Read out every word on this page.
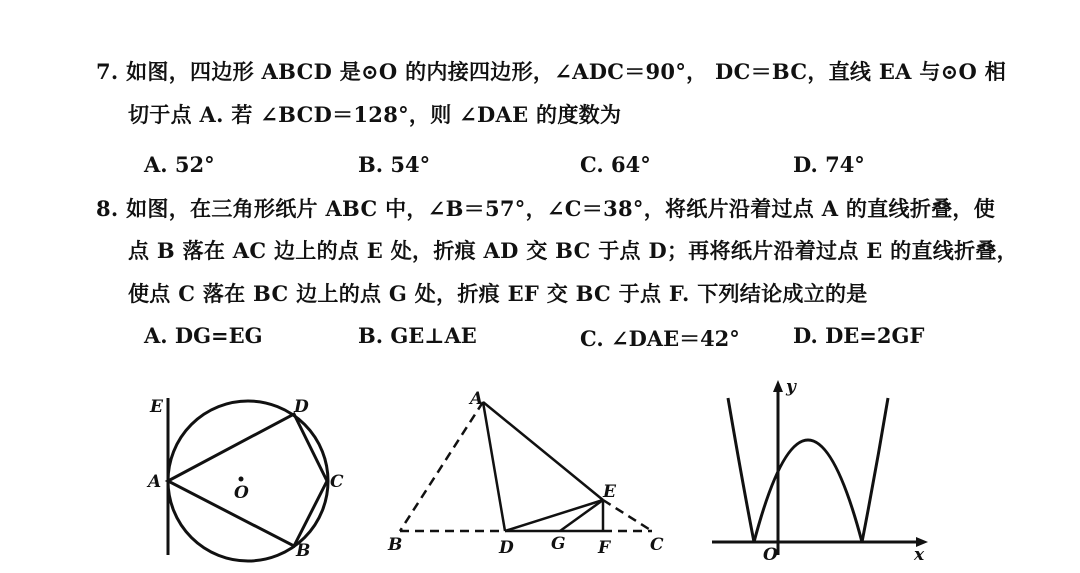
7. 如图，四边形 ABCD 是⊙O 的内接四边形，∠ADC＝90°， DC＝BC，直线 EA 与⊙O 相
切于点 A. 若 ∠BCD＝128°，则 ∠DAE 的度数为
A. 52°	B. 54°	C. 64°	D. 74°
8. 如图，在三角形纸片 ABC 中，∠B＝57°，∠C＝38°，将纸片沿着过点 A 的直线折叠，使
点 B 落在 AC 边上的点 E 处，折痕 AD 交 BC 于点 D；再将纸片沿着过点 E 的直线折叠，
使点 C 落在 BC 边上的点 G 处，折痕 EF 交 BC 于点 F. 下列结论成立的是
A. DG=EG	B. GE⊥AE	C. ∠DAE＝42°	D. DE=2GF
E	D
A
O
C
B
A
E
B	D G F C
y
O	x
